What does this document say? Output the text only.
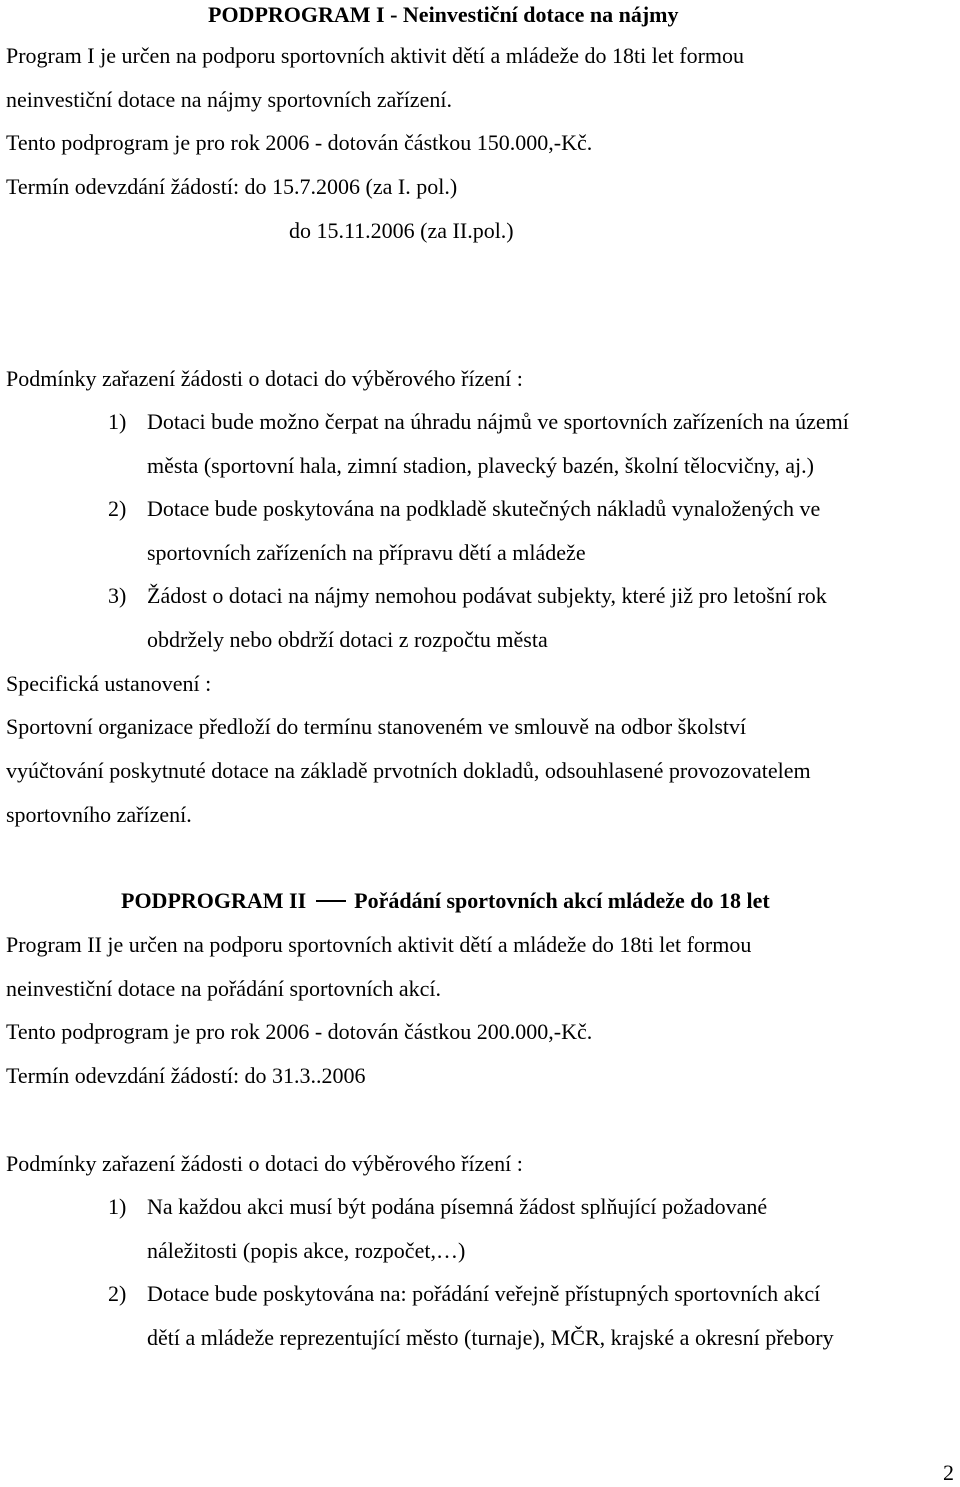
PODPROGRAM I - Neinvestiční dotace na nájmy
Program I je určen na podporu sportovních aktivit dětí a mládeže do 18ti let formou
neinvestiční dotace na nájmy sportovních zařízení.
Tento podprogram je pro rok 2006 - dotován částkou 150.000,-Kč.
Termín odevzdání žádostí: do 15.7.2006 (za I. pol.)
do 15.11.2006 (za II.pol.)
Podmínky zařazení žádosti o dotaci do výběrového řízení :
1) Dotaci bude možno čerpat na úhradu nájmů ve sportovních zařízeních na území
města (sportovní hala, zimní stadion, plavecký bazén, školní tělocvičny, aj.)
2) Dotace bude poskytována na podkladě skutečných nákladů vynaložených ve
sportovních zařízeních na přípravu dětí a mládeže
3) Žádost o dotaci na nájmy nemohou podávat subjekty, které již pro letošní rok
obdržely nebo obdrží dotaci z rozpočtu města
Specifická ustanovení :
Sportovní organizace předloží do termínu stanoveném ve smlouvě na odbor školství
vyúčtování poskytnuté dotace na základě prvotních dokladů, odsouhlasené provozovatelem
sportovního zařízení.
PODPROGRAM II Pořádání sportovních akcí mládeže do 18 let
Program II je určen na podporu sportovních aktivit dětí a mládeže do 18ti let formou
neinvestiční dotace na pořádání sportovních akcí.
Tento podprogram je pro rok 2006 - dotován částkou 200.000,-Kč.
Termín odevzdání žádostí: do 31.3..2006
Podmínky zařazení žádosti o dotaci do výběrového řízení :
1) Na každou akci musí být podána písemná žádost splňující požadované
náležitosti (popis akce, rozpočet,…)
2) Dotace bude poskytována na: pořádání veřejně přístupných sportovních akcí
dětí a mládeže reprezentující město (turnaje), MČR, krajské a okresní přebory
2
